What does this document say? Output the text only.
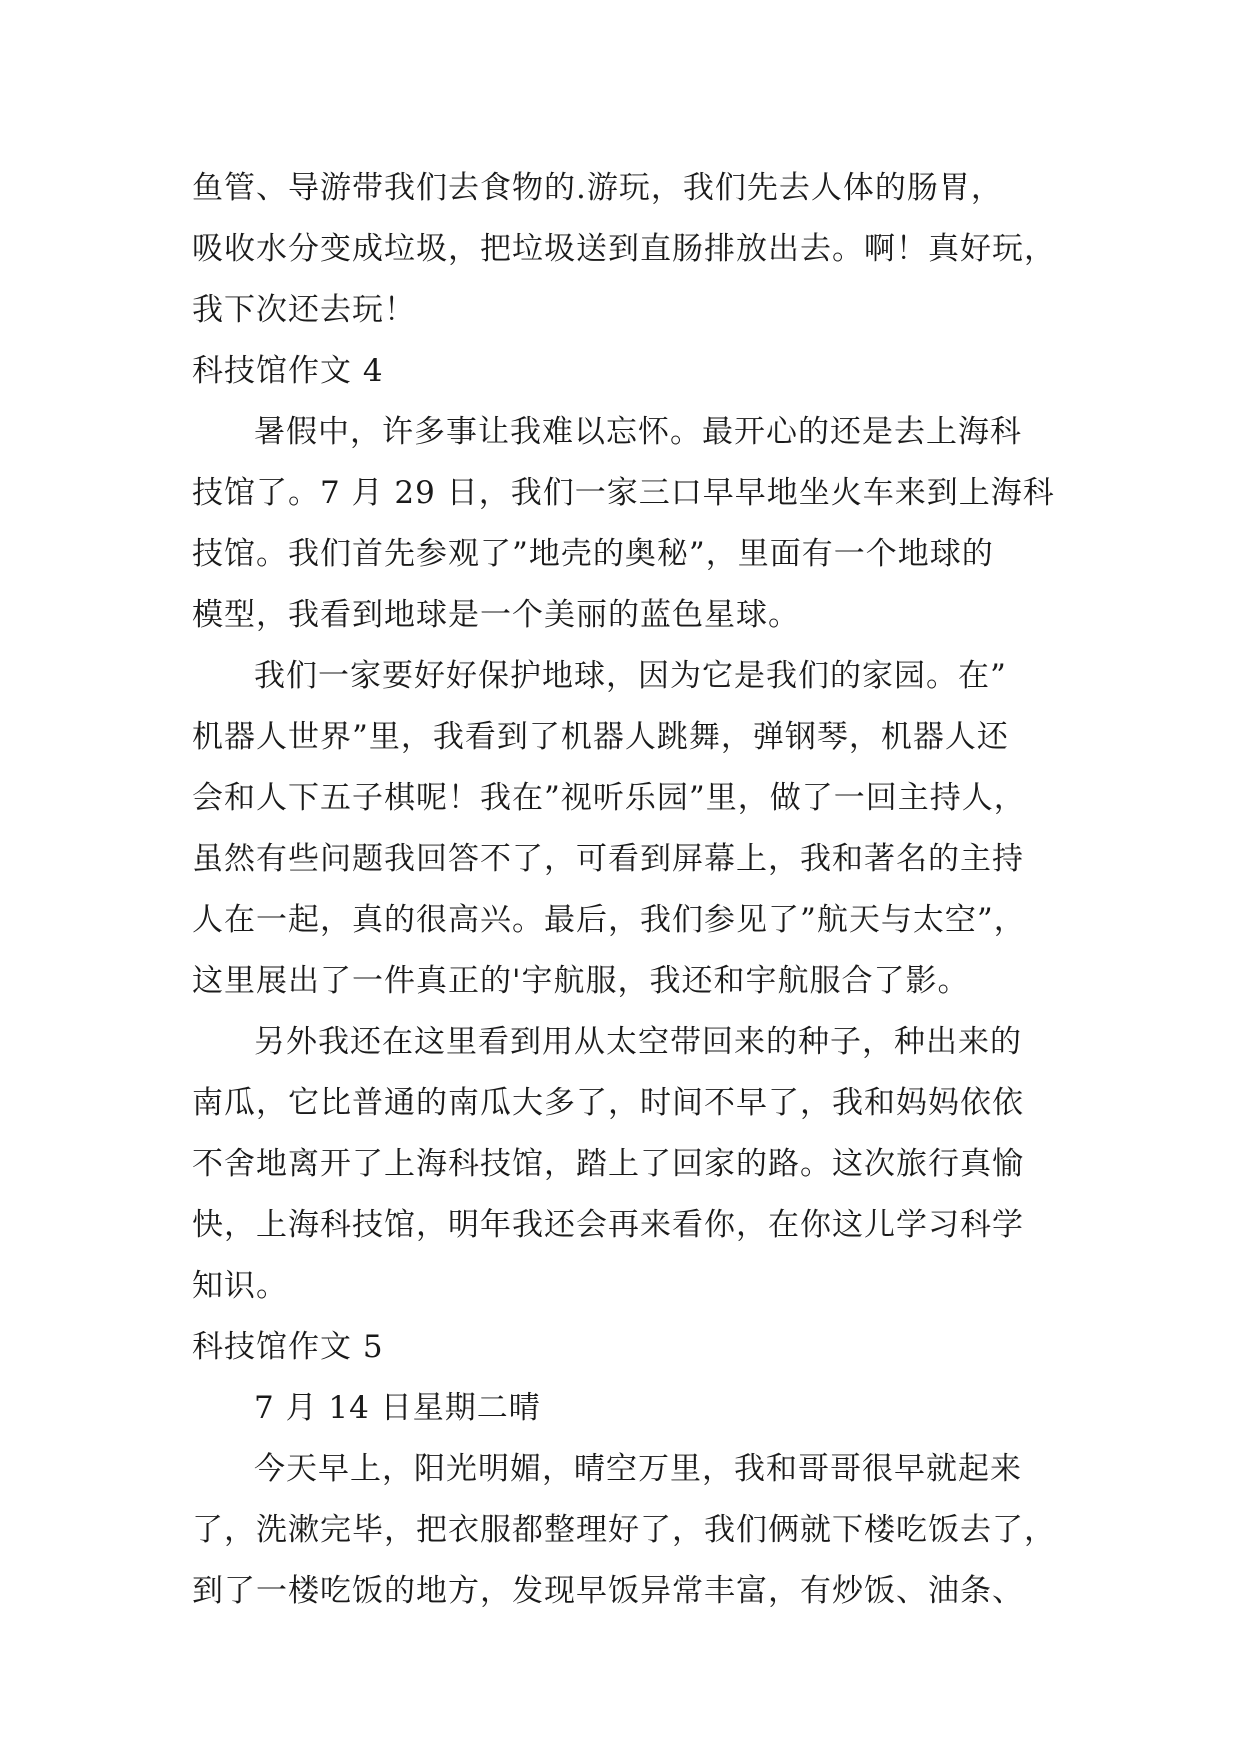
鱼管、导游带我们去食物的.游玩，我们先去人体的肠胃，
吸收水分变成垃圾，把垃圾送到直肠排放出去。啊！真好玩，
我下次还去玩！
科技馆作文 4
暑假中，许多事让我难以忘怀。最开心的还是去上海科
技馆了。7 月 29 日，我们一家三口早早地坐火车来到上海科
技馆。我们首先参观了”地壳的奥秘”，里面有一个地球的
模型，我看到地球是一个美丽的蓝色星球。
我们一家要好好保护地球，因为它是我们的家园。在”
机器人世界”里，我看到了机器人跳舞，弹钢琴，机器人还
会和人下五子棋呢！我在”视听乐园”里，做了一回主持人，
虽然有些问题我回答不了，可看到屏幕上，我和著名的主持
人在一起，真的很高兴。最后，我们参见了”航天与太空”，
这里展出了一件真正的'宇航服，我还和宇航服合了影。
另外我还在这里看到用从太空带回来的种子，种出来的
南瓜，它比普通的南瓜大多了，时间不早了，我和妈妈依依
不舍地离开了上海科技馆，踏上了回家的路。这次旅行真愉
快，上海科技馆，明年我还会再来看你，在你这儿学习科学
知识。
科技馆作文 5
7 月 14 日星期二晴
今天早上，阳光明媚，晴空万里，我和哥哥很早就起来
了，洗漱完毕，把衣服都整理好了，我们俩就下楼吃饭去了，
到了一楼吃饭的地方，发现早饭异常丰富，有炒饭、油条、
